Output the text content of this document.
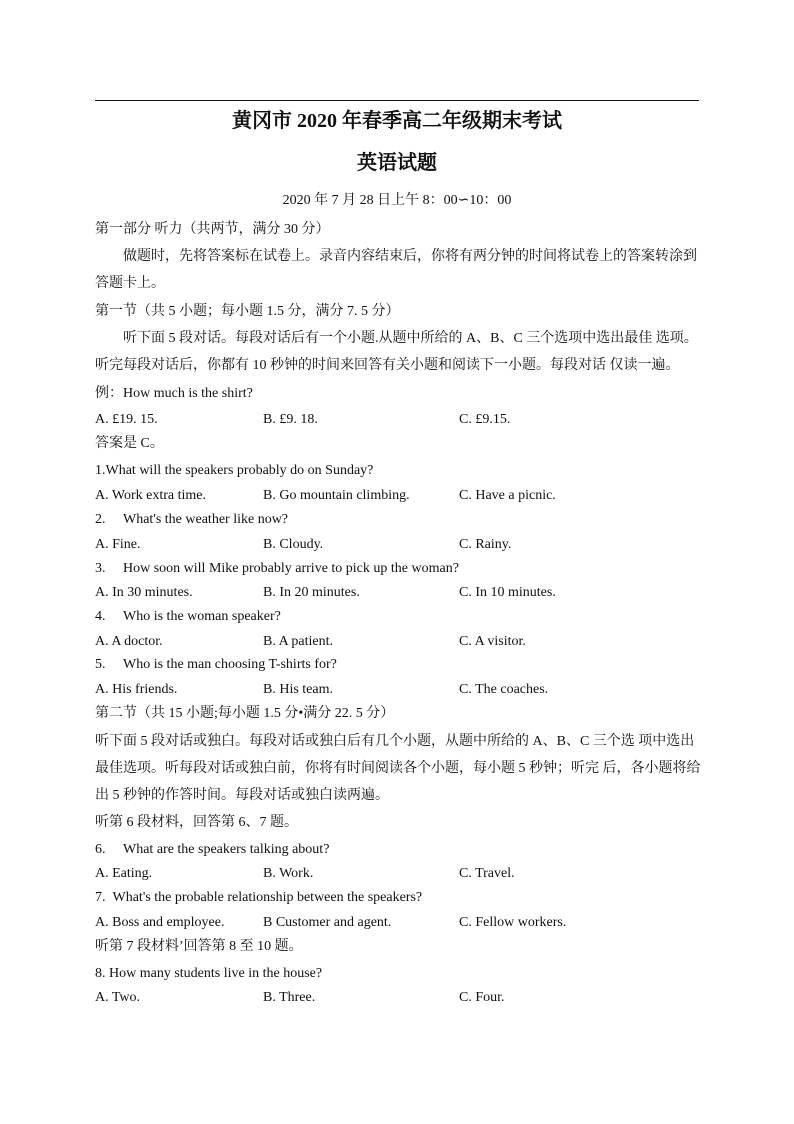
黄冈市 2020 年春季高二年级期末考试
英语试题
2020 年 7 月 28 日上午 8：00∽10：00
第一部分 听力（共两节，满分 30 分）
做题时，先将答案标在试卷上。录音内容结束后，你将有两分钟的时间将试卷上的答案转涂到
答题卡上。
第一节（共 5 小题；每小题 1.5 分，满分 7. 5 分）
听下面 5 段对话。每段对话后有一个小题.从题中所给的 A、B、C 三个选项中选出最佳 选项。
听完每段对话后，你都有 10 秒钟的时间来回答有关小题和阅读下一小题。每段对话 仅读一遍。
例：How much is the shirt?
A. £19. 15.	B. £9. 18.	C. £9.15.
答案是 C。
1.What will the speakers probably do on Sunday?
A. Work extra time.	B. Go mountain climbing.	C. Have a picnic.
2. What's the weather like now?
A. Fine.	B. Cloudy.	C. Rainy.
3. How soon will Mike probably arrive to pick up the woman?
A. In 30 minutes.	B. In 20 minutes.	C. In 10 minutes.
4. Who is the woman speaker?
A. A doctor.	B. A patient.	C. A visitor.
5. Who is the man choosing T-shirts for?
A. His friends.	B. His team.	C. The coaches.
第二节（共 15 小题;每小题 1.5 分•满分 22. 5 分）
听下面 5 段对话或独白。每段对话或独白后有几个小题，从题中所给的 A、B、C 三个选 项中选出
最佳选项。听每段对话或独白前，你将有时间阅读各个小题，每小题 5 秒钟；听完 后，各小题将给
出 5 秒钟的作答时间。每段对话或独白读两遍。
听第 6 段材料，回答第 6、7 题。
6. What are the speakers talking about?
A. Eating.	B. Work.	C. Travel.
7. What's the probable relationship between the speakers?
A. Boss and employee.	B Customer and agent.	C. Fellow workers.
听第 7 段材料’回答第 8 至 10 题。
8. How many students live in the house?
A. Two.	B. Three.	C. Four.
